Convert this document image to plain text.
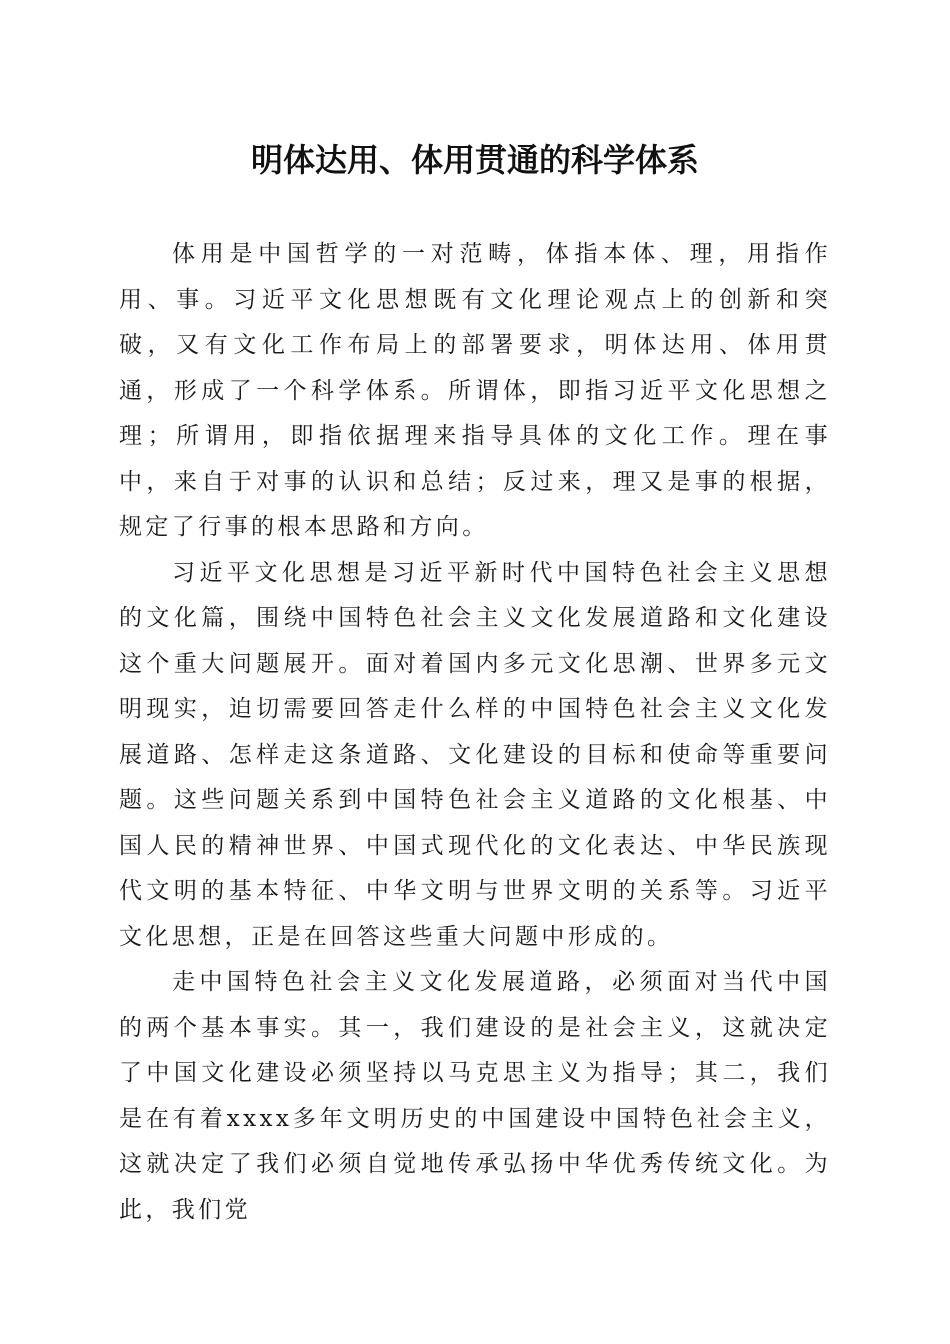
明体达用、体用贯通的科学体系

体用是中国哲学的一对范畴，体指本体、理，用指作用、事。习近平文化思想既有文化理论观点上的创新和突破，又有文化工作布局上的部署要求，明体达用、体用贯通，形成了一个科学体系。所谓体，即指习近平文化思想之理；所谓用，即指依据理来指导具体的文化工作。理在事中，来自于对事的认识和总结；反过来，理又是事的根据，规定了行事的根本思路和方向。

习近平文化思想是习近平新时代中国特色社会主义思想的文化篇，围绕中国特色社会主义文化发展道路和文化建设这个重大问题展开。面对着国内多元文化思潮、世界多元文明现实，迫切需要回答走什么样的中国特色社会主义文化发展道路、怎样走这条道路、文化建设的目标和使命等重要问题。这些问题关系到中国特色社会主义道路的文化根基、中国人民的精神世界、中国式现代化的文化表达、中华民族现代文明的基本特征、中华文明与世界文明的关系等。习近平文化思想，正是在回答这些重大问题中形成的。

走中国特色社会主义文化发展道路，必须面对当代中国的两个基本事实。其一，我们建设的是社会主义，这就决定了中国文化建设必须坚持以马克思主义为指导；其二，我们是在有着xxxx多年文明历史的中国建设中国特色社会主义，这就决定了我们必须自觉地传承弘扬中华优秀传统文化。为此，我们党
